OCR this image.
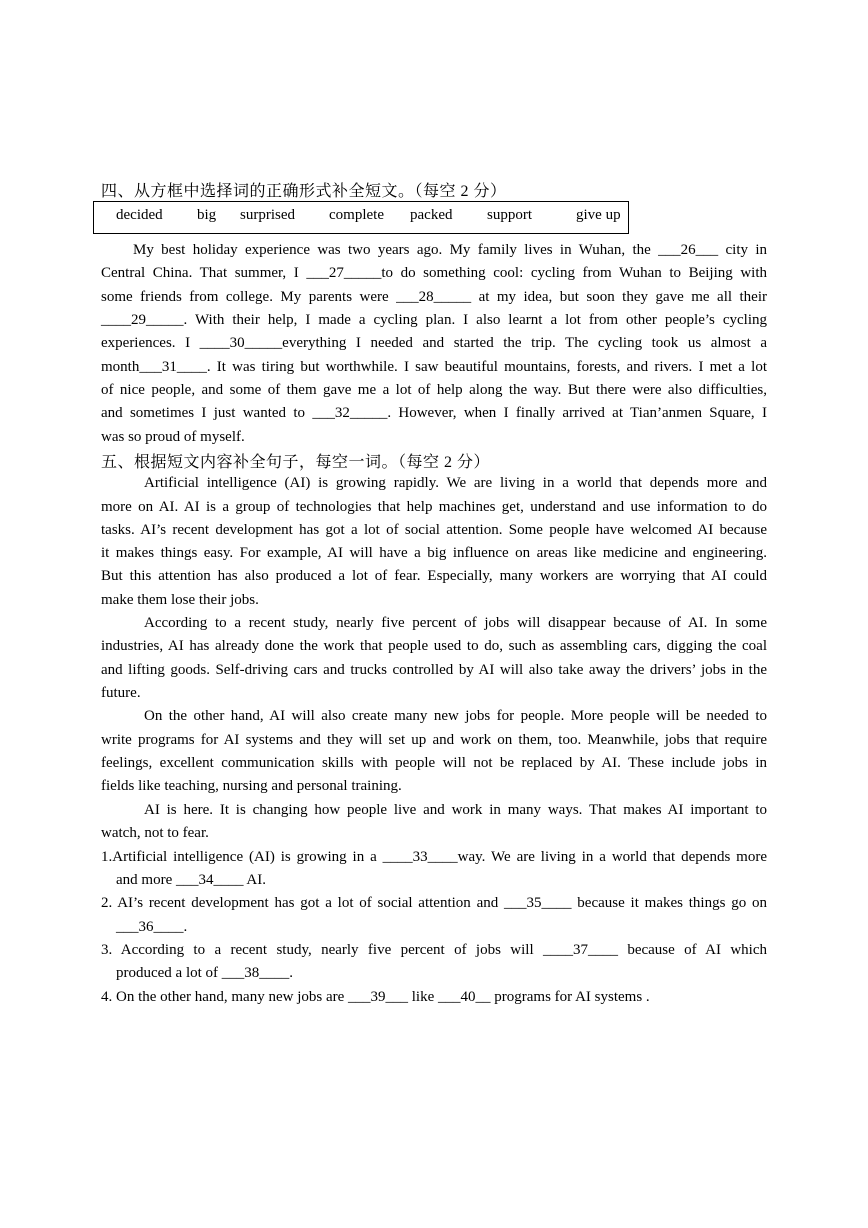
四、从方框中选择词的正确形式补全短文。（每空 2 分）
decided big surprised complete packed support	give up
My best holiday experience was two years ago. My family lives in Wuhan, the ___26___ city in
Central China. That summer, I ___27_____to do something cool: cycling from Wuhan to Beijing with
some friends from college. My parents were ___28_____ at my idea, but soon they gave me all their
____29_____. With their help, I made a cycling plan. I also learnt a lot from other people’s cycling
experiences. I ____30_____everything I needed and started the trip. The cycling took us almost a
month___31____. It was tiring but worthwhile. I saw beautiful mountains, forests, and rivers. I met a lot
of nice people, and some of them gave me a lot of help along the way. But there were also difficulties,
and sometimes I just wanted to ___32_____. However, when I finally arrived at Tian’anmen Square, I
was so proud of myself.
五、根据短文内容补全句子，每空一词。（每空 2 分）
Artificial intelligence (AI) is growing rapidly. We are living in a world that depends more and
more on AI. AI is a group of technologies that help machines get, understand and use information to do
tasks. AI’s recent development has got a lot of social attention. Some people have welcomed AI because
it makes things easy. For example, AI will have a big influence on areas like medicine and engineering.
But this attention has also produced a lot of fear. Especially, many workers are worrying that AI could
make them lose their jobs.
According to a recent study, nearly five percent of jobs will disappear because of AI. In some
industries, AI has already done the work that people used to do, such as assembling cars, digging the coal
and lifting goods. Self-driving cars and trucks controlled by AI will also take away the drivers’ jobs in the
future.
On the other hand, AI will also create many new jobs for people. More people will be needed to
write programs for AI systems and they will set up and work on them, too. Meanwhile, jobs that require
feelings, excellent communication skills with people will not be replaced by AI. These include jobs in
fields like teaching, nursing and personal training.
AI is here. It is changing how people live and work in many ways. That makes AI important to
watch, not to fear.
1.Artificial intelligence (AI) is growing in a ____33____way. We are living in a world that depends more
and more ___34____ AI.
2. AI’s recent development has got a lot of social attention and ___35____ because it makes things go on
___36____.
3. According to a recent study, nearly five percent of jobs will ____37____ because of AI which
produced a lot of ___38____.
4. On the other hand, many new jobs are ___39___ like ___40__ programs for AI systems .
